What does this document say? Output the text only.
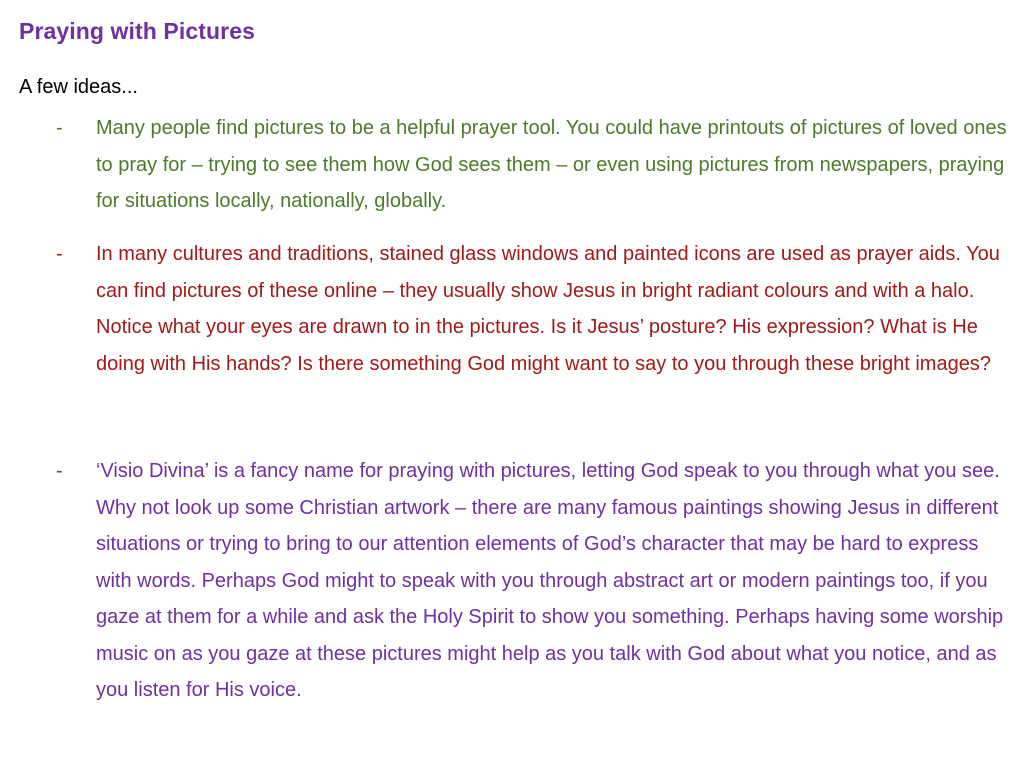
Praying with Pictures
A few ideas...
- Many people find pictures to be a helpful prayer tool. You could have printouts of pictures of loved ones to pray for – trying to see them how God sees them – or even using pictures from newspapers, praying for situations locally, nationally, globally.
- In many cultures and traditions, stained glass windows and painted icons are used as prayer aids. You can find pictures of these online – they usually show Jesus in bright radiant colours and with a halo. Notice what your eyes are drawn to in the pictures. Is it Jesus’ posture? His expression? What is He doing with His hands? Is there something God might want to say to you through these bright images?
- ‘Visio Divina’ is a fancy name for praying with pictures, letting God speak to you through what you see. Why not look up some Christian artwork – there are many famous paintings showing Jesus in different situations or trying to bring to our attention elements of God’s character that may be hard to express with words. Perhaps God might to speak with you through abstract art or modern paintings too, if you gaze at them for a while and ask the Holy Spirit to show you something. Perhaps having some worship music on as you gaze at these pictures might help as you talk with God about what you notice, and as you listen for His voice.
